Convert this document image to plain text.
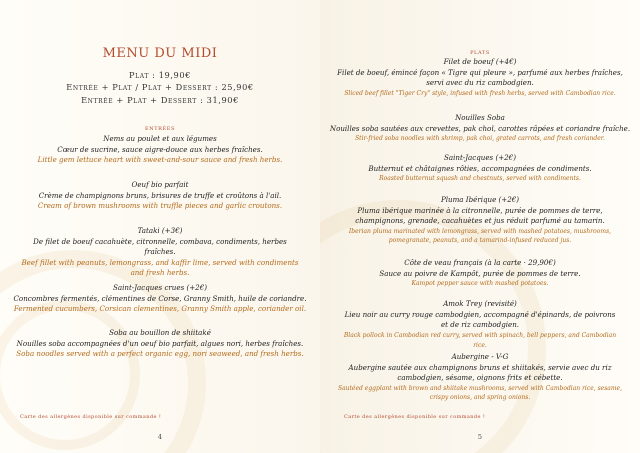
MENU DU MIDI
Plat : 19,90€
Entrée + Plat / Plat + Dessert : 25,90€
Entrée + Plat + Dessert : 31,90€
entrées
Nems au poulet et aux légumes
Cœur de sucrine, sauce aigre-douce aux herbes fraîches.
Little gem lettuce heart with sweet-and-sour sauce and fresh herbs.
Oeuf bio parfait
Crème de champignons bruns, brisures de truffe et croûtons à l'ail.
Cream of brown mushrooms with truffle pieces and garlic croutons.
Tataki (+3€)
De filet de boeuf cacahuète, citronnelle, combava, condiments, herbes fraîches.
Beef fillet with peanuts, lemongrass, and kaffir lime, served with condiments and fresh herbs.
Saint-Jacques crues (+2€)
Concombres fermentés, clémentines de Corse, Granny Smith, huile de coriandre.
Fermented cucumbers, Corsican clementines, Granny Smith apple, coriander oil.
Soba au bouillon de shiitaké
Nouilles soba accompagnées d'un oeuf bio parfait, algues nori, herbes fraîches.
Soba noodles served with a perfect organic egg, nori seaweed, and fresh herbs.
Carte des allergènes disponible sur commande !
4
plats
Filet de boeuf (+4€)
Filet de boeuf, émincé façon « Tigre qui pleure », parfumé aux herbes fraîches, servi avec du riz cambodgien.
Sliced beef fillet "Tiger Cry" style, infused with fresh herbs, served with Cambodian rice.
Nouilles Soba
Nouilles soba sautées aux crevettes, pak choï, carottes râpées et coriandre fraîche.
Stir-fried soba noodles with shrimp, pak choi, grated carrots, and fresh coriander.
Saint-Jacques (+2€)
Butternut et châtaignes rôties, accompagnées de condiments.
Roasted butternut squash and chestnuts, served with condiments.
Pluma Ibérique (+2€)
Pluma ibérique marinée à la citronnelle, purée de pommes de terre, champignons, grenade, cacahuètes et jus réduit parfumé au tamarin.
Iberian pluma marinated with lemongrass, served with mashed potatoes, mushrooms, pomegranate, peanuts, and a tamarind-infused reduced jus.
Côte de veau français (à la carte · 29,90€)
Sauce au poivre de Kampôt, purée de pommes de terre.
Kampot pepper sauce with mashed potatoes.
Amok Trey (revisité)
Lieu noir au curry rouge cambodgien, accompagné d'épinards, de poivrons et de riz cambodgien.
Black pollock in Cambodian red curry, served with spinach, bell peppers, and Cambodian rice.
Aubergine - V-G
Aubergine sautée aux champignons bruns et shiitakés, servie avec du riz cambodgien, sésame, oignons frits et cébette.
Sautéed eggplant with brown and shiitake mushrooms, served with Cambodian rice, sesame, crispy onions, and spring onions.
Carte des allergènes disponible sur commande !
5
